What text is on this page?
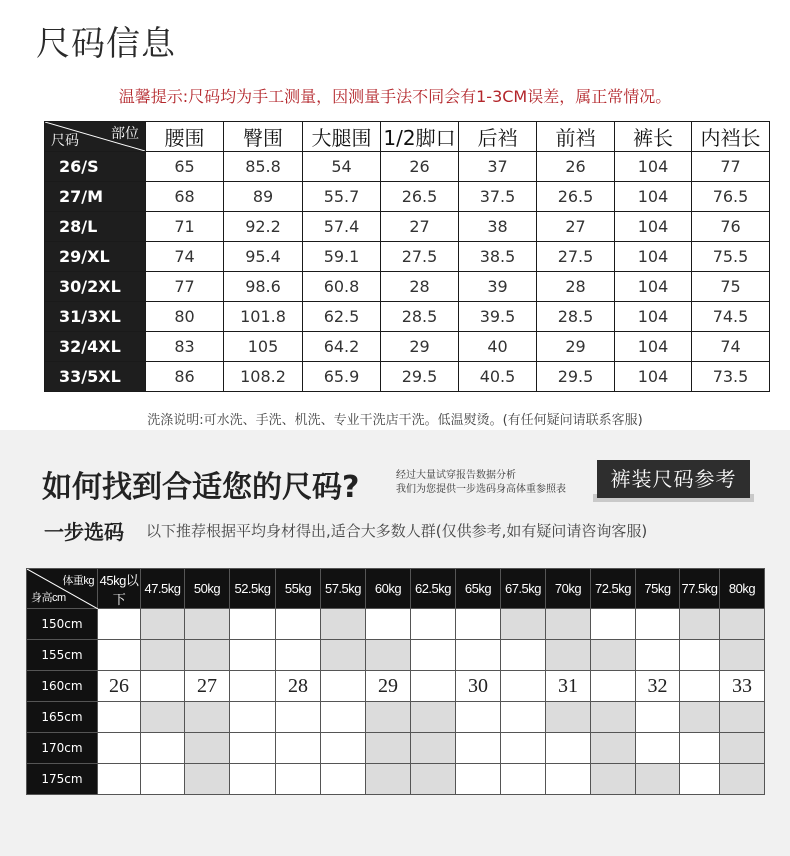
尺码信息
温馨提示:尺码均为手工测量，因测量手法不同会有1-3CM误差，属正常情况。
部位
尺码	腰围	臀围	大腿围	1/2脚口	后裆	前裆	裤长	内裆长
26/S	65	85.8	54	26	37	26	104	77
27/M	68	89	55.7	26.5	37.5	26.5	104	76.5
28/L	71	92.2	57.4	27	38	27	104	76
29/XL	74	95.4	59.1	27.5	38.5	27.5	104	75.5
30/2XL	77	98.6	60.8	28	39	28	104	75
31/3XL	80	101.8	62.5	28.5	39.5	28.5	104	74.5
32/4XL	83	105	64.2	29	40	29	104	74
33/5XL	86	108.2	65.9	29.5	40.5	29.5	104	73.5
洗涤说明:可水洗、手洗、机洗、专业干洗店干洗。低温熨烫。(有任何疑问请联系客服)
如何找到合适您的尺码?	经过大量试穿报告数据分析
我们为您提供一步选码身高体重参照表	裤装尺码参考
一步选码 以下推荐根据平均身材得出,适合大多数人群(仅供参考,如有疑问请咨询客服)
体重kg
身高cm	45kg以下	47.5kg	50kg	52.5kg	55kg	57.5kg	60kg	62.5kg	65kg	67.5kg	70kg	72.5kg	75kg	77.5kg	80kg
150cm															
155cm															
160cm	26		27		28		29		30		31		32		33
165cm															
170cm															
175cm															
